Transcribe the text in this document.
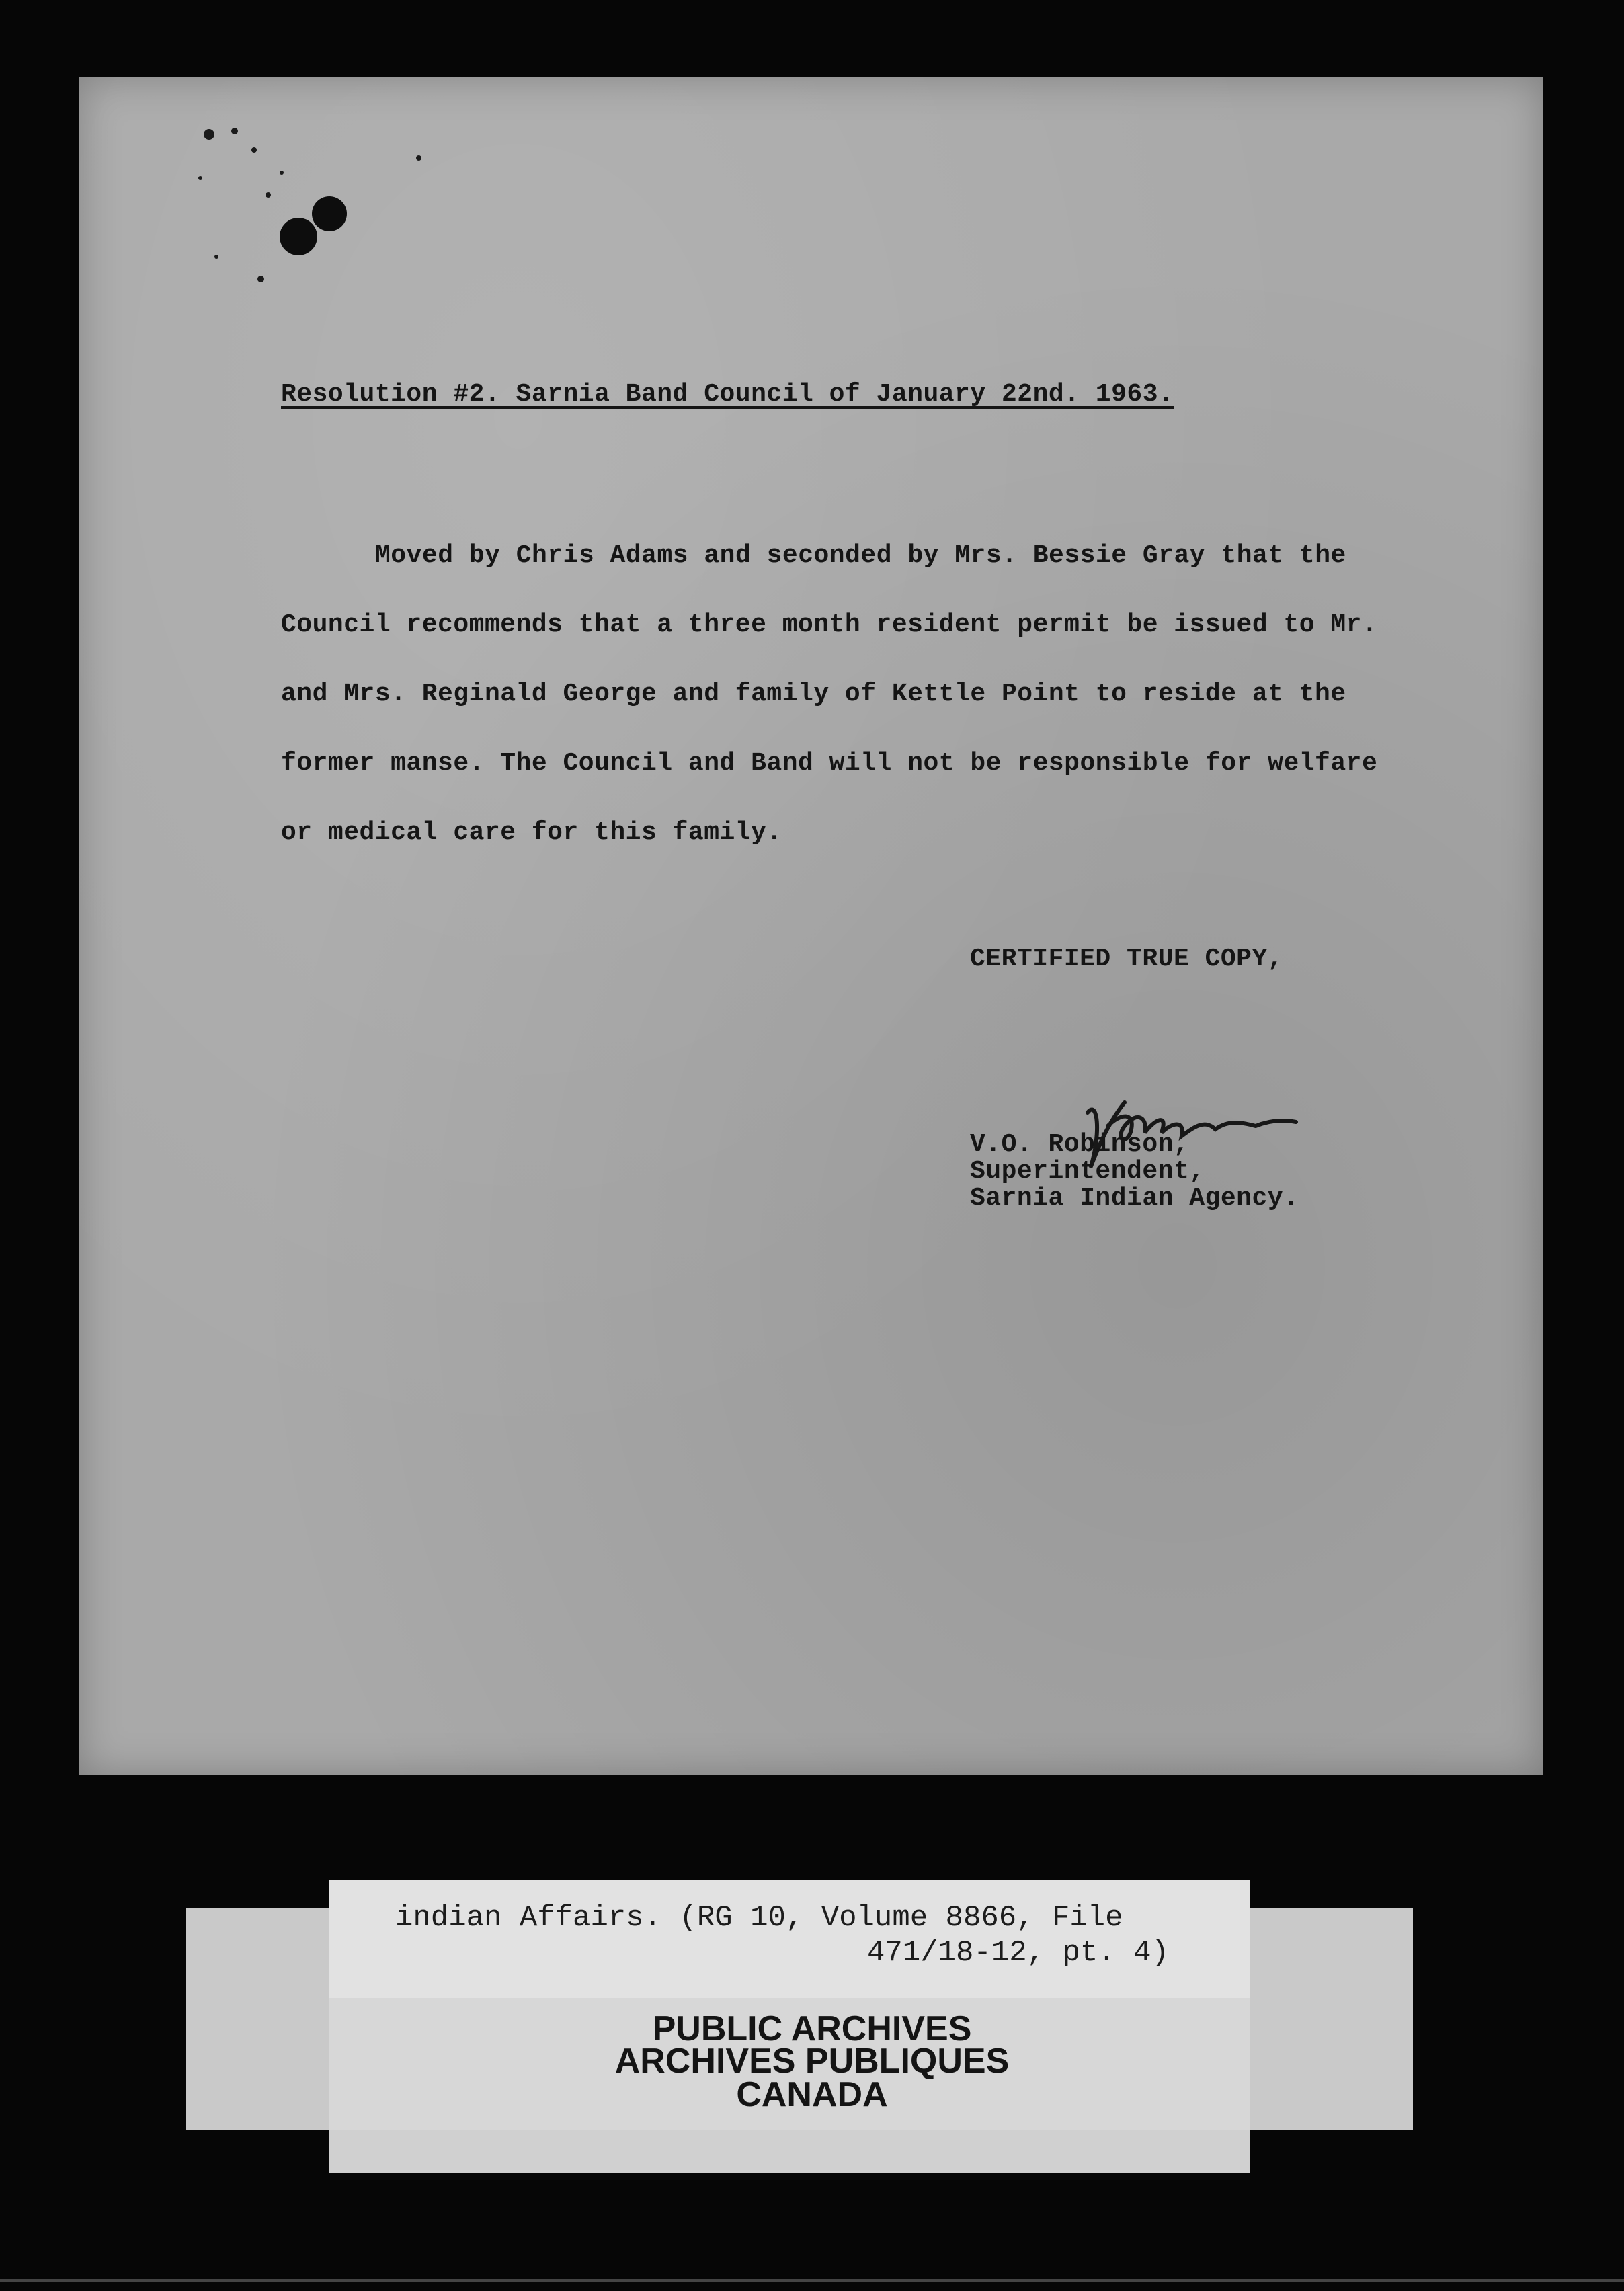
Resolution #2. Sarnia Band Council of January 22nd. 1963.
Moved by Chris Adams and seconded by Mrs. Bessie Gray that the
Council recommends that a three month resident permit be issued to Mr.
and Mrs. Reginald George and family of Kettle Point to reside at the
former manse. The Council and Band will not be responsible for welfare
or medical care for this family.
CERTIFIED TRUE COPY,
V.O. Robinson,
Superintendent,
Sarnia Indian Agency.
indian Affairs. (RG 10, Volume 8866, File
471/18-12, pt. 4)
PUBLIC ARCHIVES
ARCHIVES PUBLIQUES
CANADA
